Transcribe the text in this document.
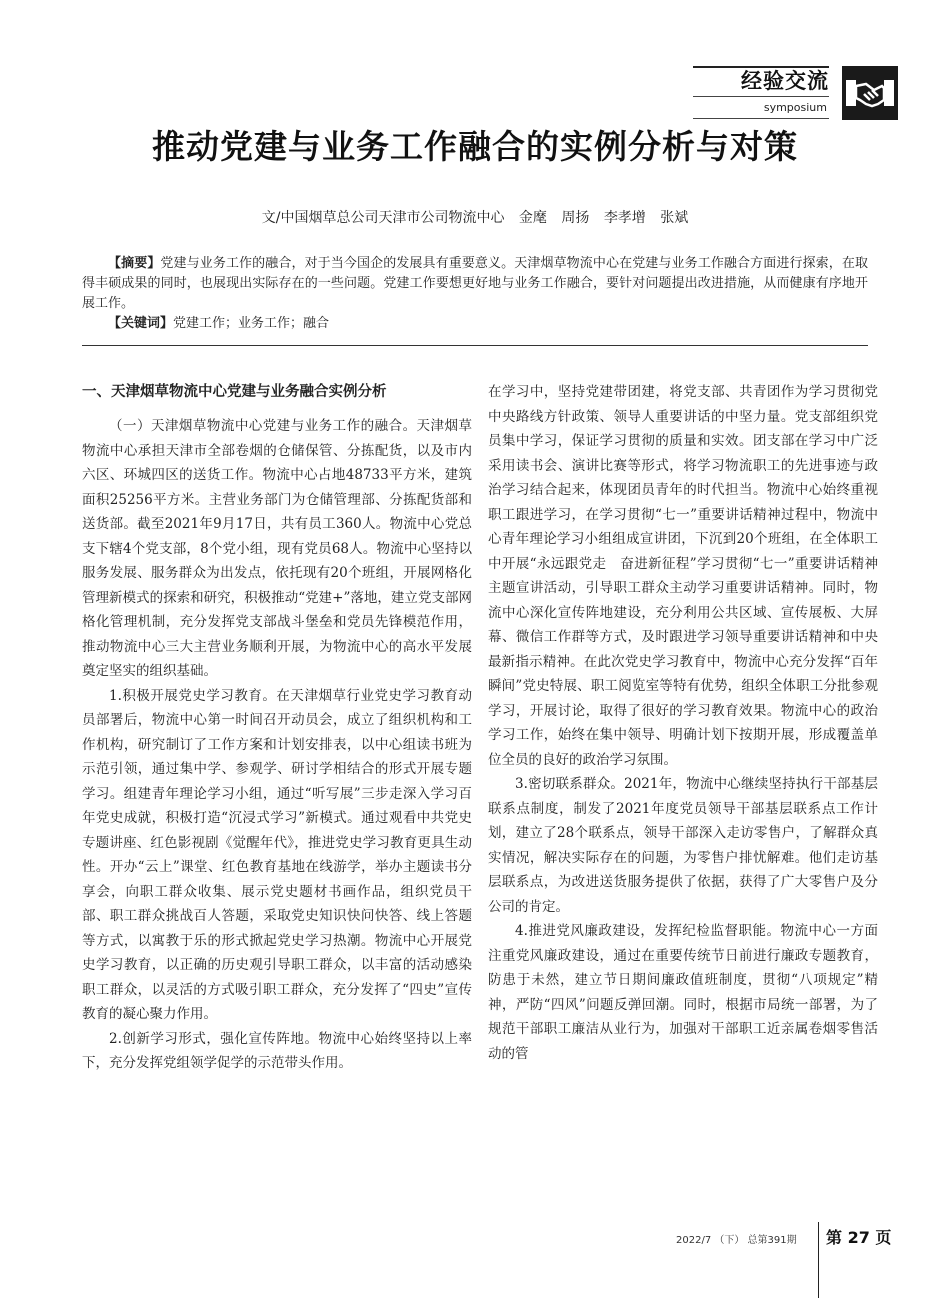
经验交流
symposium
推动党建与业务工作融合的实例分析与对策
文/中国烟草总公司天津市公司物流中心 金麾 周扬 李孝增 张斌

【摘要】党建与业务工作的融合，对于当今国企的发展具有重要意义。天津烟草物流中心在党建与业务工作融合方面进行探索，在取得丰硕成果的同时，也展现出实际存在的一些问题。党建工作要想更好地与业务工作融合，要针对问题提出改进措施，从而健康有序地开展工作。

【关键词】党建工作；业务工作；融合

一、天津烟草物流中心党建与业务融合实例分析

（一）天津烟草物流中心党建与业务工作的融合。天津烟草物流中心承担天津市全部卷烟的仓储保管、分拣配货，以及市内六区、环城四区的送货工作。物流中心占地48733平方米，建筑面积25256平方米。主营业务部门为仓储管理部、分拣配货部和送货部。截至2021年9月17日，共有员工360人。物流中心党总支下辖4个党支部，8个党小组，现有党员68人。物流中心坚持以服务发展、服务群众为出发点，依托现有20个班组，开展网格化管理新模式的探索和研究，积极推动“党建+”落地，建立党支部网格化管理机制，充分发挥党支部战斗堡垒和党员先锋模范作用，推动物流中心三大主营业务顺利开展，为物流中心的高水平发展奠定坚实的组织基础。

1.积极开展党史学习教育。在天津烟草行业党史学习教育动员部署后，物流中心第一时间召开动员会，成立了组织机构和工作机构，研究制订了工作方案和计划安排表，以中心组读书班为示范引领，通过集中学、参观学、研讨学相结合的形式开展专题学习。组建青年理论学习小组，通过“听写展”三步走深入学习百年党史成就，积极打造“沉浸式学习”新模式。通过观看中共党史专题讲座、红色影视剧《觉醒年代》，推进党史学习教育更具生动性。开办“云上”课堂、红色教育基地在线游学，举办主题读书分享会，向职工群众收集、展示党史题材书画作品，组织党员干部、职工群众挑战百人答题，采取党史知识快问快答、线上答题等方式，以寓教于乐的形式掀起党史学习热潮。物流中心开展党史学习教育，以正确的历史观引导职工群众，以丰富的活动感染职工群众，以灵活的方式吸引职工群众，充分发挥了“四史”宣传教育的凝心聚力作用。

2.创新学习形式，强化宣传阵地。物流中心始终坚持以上率下，充分发挥党组领学促学的示范带头作用。

在学习中，坚持党建带团建，将党支部、共青团作为学习贯彻党中央路线方针政策、领导人重要讲话的中坚力量。党支部组织党员集中学习，保证学习贯彻的质量和实效。团支部在学习中广泛采用读书会、演讲比赛等形式，将学习物流职工的先进事迹与政治学习结合起来，体现团员青年的时代担当。物流中心始终重视职工跟进学习，在学习贯彻“七一”重要讲话精神过程中，物流中心青年理论学习小组组成宣讲团，下沉到20个班组，在全体职工中开展“永远跟党走　奋进新征程”学习贯彻“七一”重要讲话精神主题宣讲活动，引导职工群众主动学习重要讲话精神。同时，物流中心深化宣传阵地建设，充分利用公共区域、宣传展板、大屏幕、微信工作群等方式，及时跟进学习领导重要讲话精神和中央最新指示精神。在此次党史学习教育中，物流中心充分发挥“百年瞬间”党史特展、职工阅览室等特有优势，组织全体职工分批参观学习，开展讨论，取得了很好的学习教育效果。物流中心的政治学习工作，始终在集中领导、明确计划下按期开展，形成覆盖单位全员的良好的政治学习氛围。

3.密切联系群众。2021年，物流中心继续坚持执行干部基层联系点制度，制发了2021年度党员领导干部基层联系点工作计划，建立了28个联系点，领导干部深入走访零售户，了解群众真实情况，解决实际存在的问题，为零售户排忧解难。他们走访基层联系点，为改进送货服务提供了依据，获得了广大零售户及分公司的肯定。

4.推进党风廉政建设，发挥纪检监督职能。物流中心一方面注重党风廉政建设，通过在重要传统节日前进行廉政专题教育，防患于未然，建立节日期间廉政值班制度，贯彻“八项规定”精神，严防“四风”问题反弹回潮。同时，根据市局统一部署，为了规范干部职工廉洁从业行为，加强对干部职工近亲属卷烟零售活动的管

2022/7 （下） 总第391期 第 27 页
